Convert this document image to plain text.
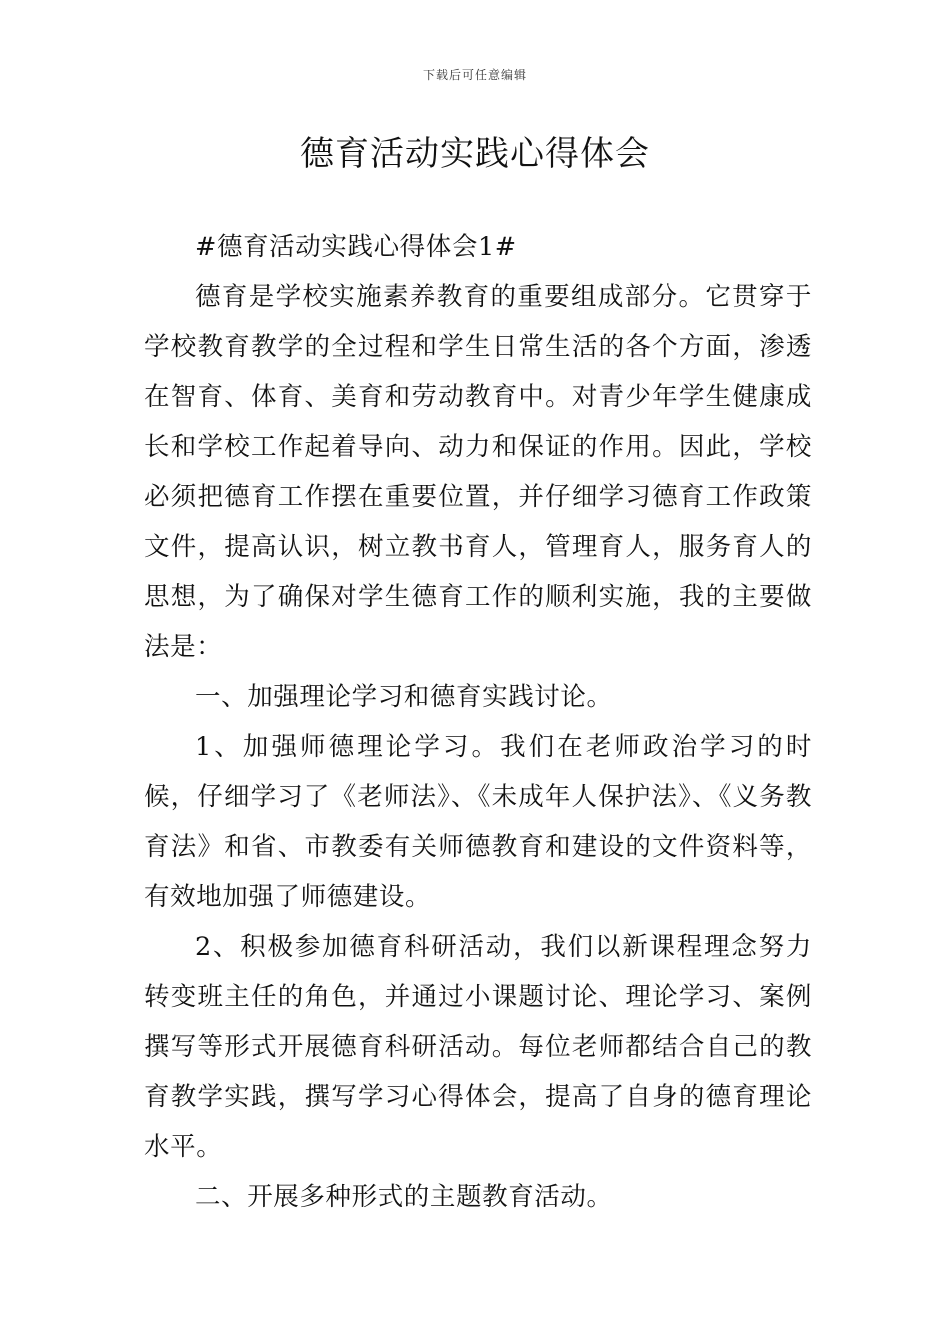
下载后可任意编辑
德育活动实践心得体会

#德育活动实践心得体会1#

德育是学校实施素养教育的重要组成部分。它贯穿于学校教育教学的全过程和学生日常生活的各个方面，渗透在智育、体育、美育和劳动教育中。对青少年学生健康成长和学校工作起着导向、动力和保证的作用。因此，学校必须把德育工作摆在重要位置，并仔细学习德育工作政策文件，提高认识，树立教书育人，管理育人，服务育人的思想，为了确保对学生德育工作的顺利实施，我的主要做法是：

一、加强理论学习和德育实践讨论。

1、加强师德理论学习。我们在老师政治学习的时候，仔细学习了《老师法》、《未成年人保护法》、《义务教育法》和省、市教委有关师德教育和建设的文件资料等，有效地加强了师德建设。

2、积极参加德育科研活动，我们以新课程理念努力转变班主任的角色，并通过小课题讨论、理论学习、案例撰写等形式开展德育科研活动。每位老师都结合自己的教育教学实践，撰写学习心得体会，提高了自身的德育理论水平。

二、开展多种形式的主题教育活动。
